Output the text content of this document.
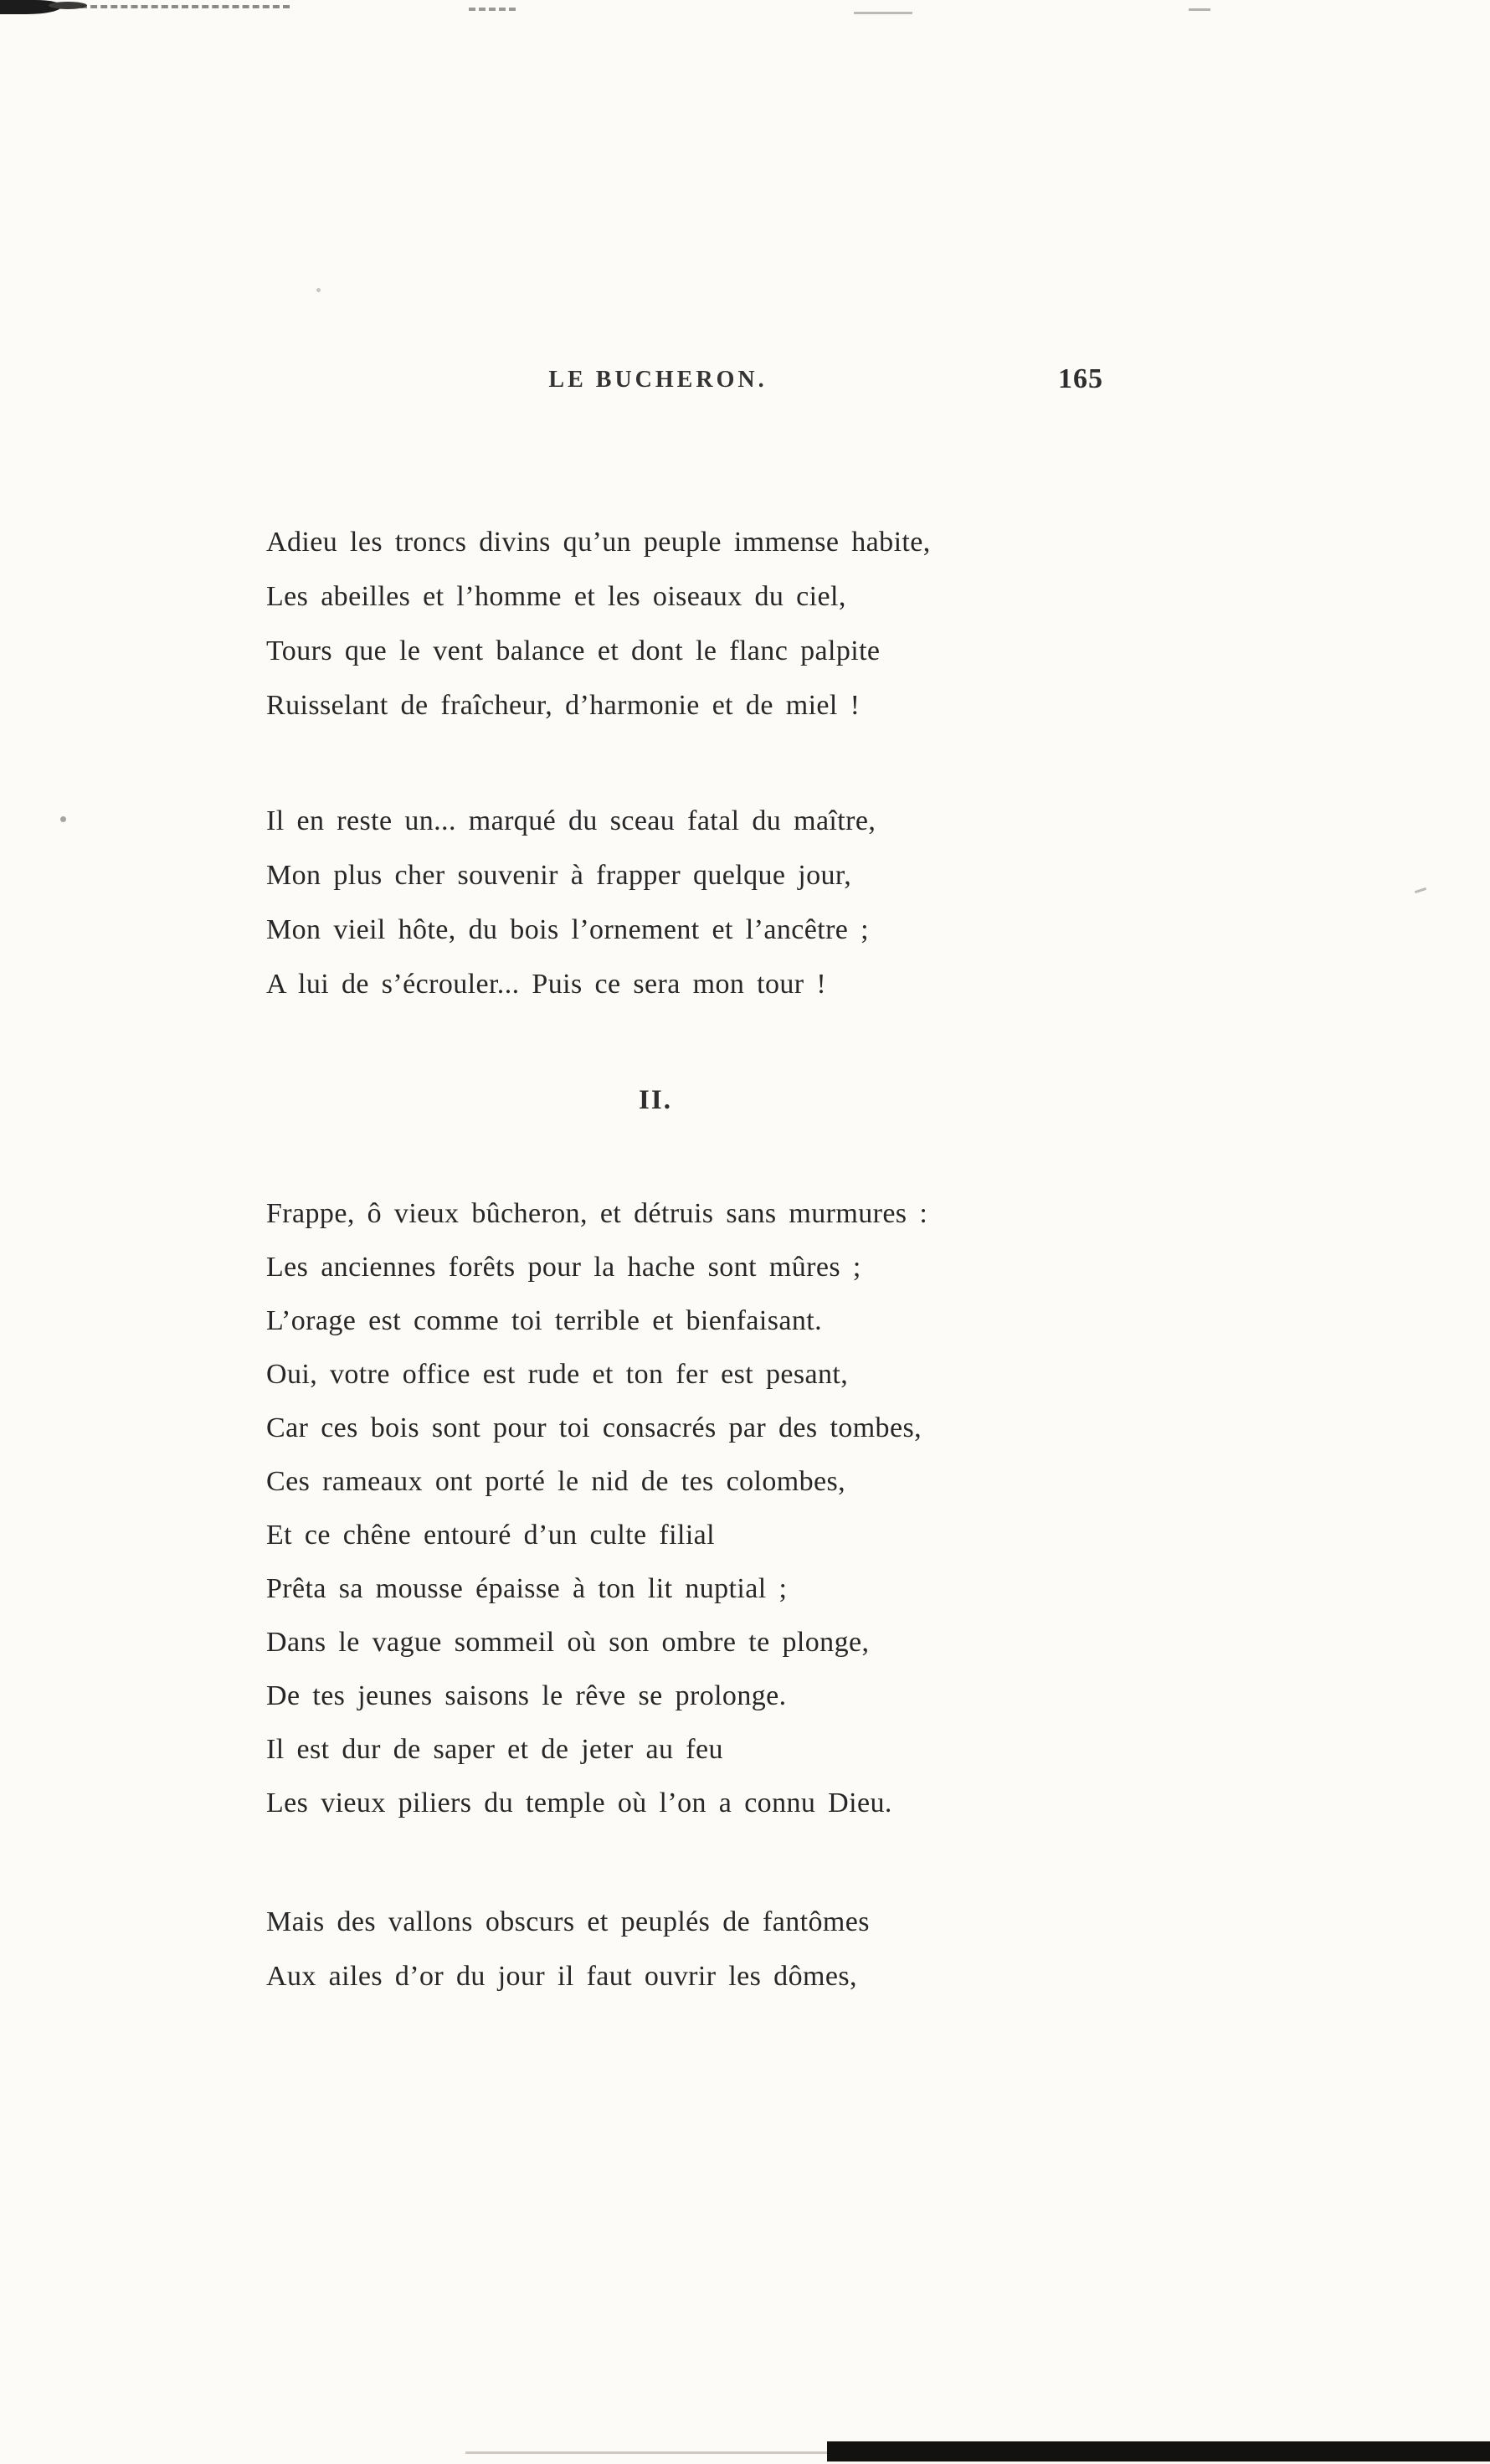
LE BUCHERON.	165
Adieu les troncs divins qu’un peuple immense habite,
Les abeilles et l’homme et les oiseaux du ciel,
Tours que le vent balance et dont le flanc palpite
Ruisselant de fraîcheur, d’harmonie et de miel !
Il en reste un... marqué du sceau fatal du maître,
Mon plus cher souvenir à frapper quelque jour,
Mon vieil hôte, du bois l’ornement et l’ancêtre ;
A lui de s’écrouler... Puis ce sera mon tour !
II.
Frappe, ô vieux bûcheron, et détruis sans murmures :
Les anciennes forêts pour la hache sont mûres ;
L’orage est comme toi terrible et bienfaisant.
Oui, votre office est rude et ton fer est pesant,
Car ces bois sont pour toi consacrés par des tombes,
Ces rameaux ont porté le nid de tes colombes,
Et ce chêne entouré d’un culte filial
Prêta sa mousse épaisse à ton lit nuptial ;
Dans le vague sommeil où son ombre te plonge,
De tes jeunes saisons le rêve se prolonge.
Il est dur de saper et de jeter au feu
Les vieux piliers du temple où l’on a connu Dieu.
Mais des vallons obscurs et peuplés de fantômes
Aux ailes d’or du jour il faut ouvrir les dômes,
